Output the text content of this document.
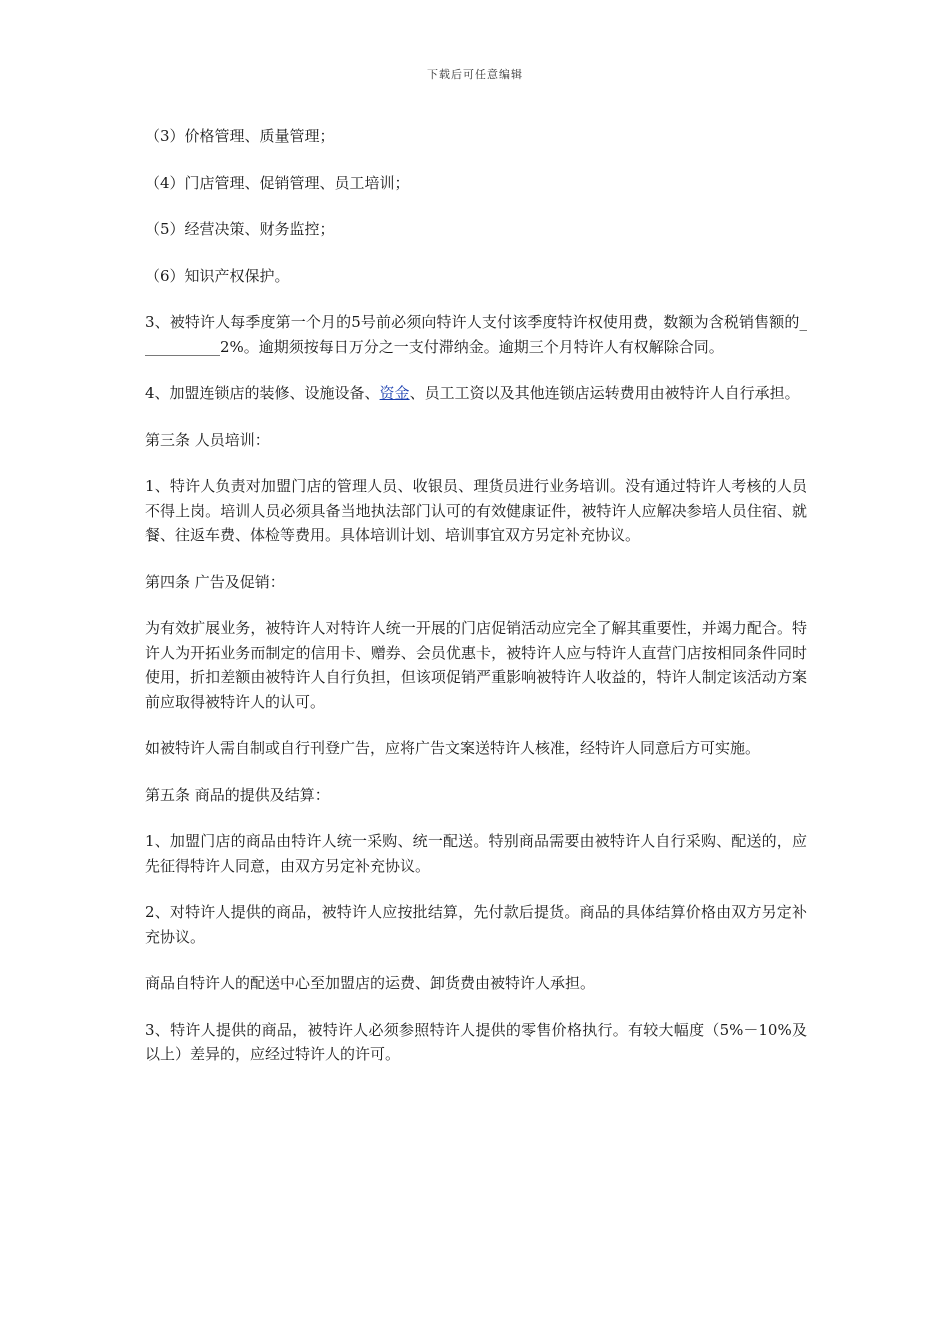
下载后可任意编辑

（3）价格管理、质量管理；

（4）门店管理、促销管理、员工培训；

（5）经营决策、财务监控；

（6）知识产权保护。

3、被特许人每季度第一个月的5号前必须向特许人支付该季度特许权使用费，数额为含税销售额的___________2%。逾期须按每日万分之一支付滞纳金。逾期三个月特许人有权解除合同。

4、加盟连锁店的装修、设施设备、资金、员工工资以及其他连锁店运转费用由被特许人自行承担。

第三条 人员培训：

1、特许人负责对加盟门店的管理人员、收银员、理货员进行业务培训。没有通过特许人考核的人员不得上岗。培训人员必须具备当地执法部门认可的有效健康证件，被特许人应解决参培人员住宿、就餐、往返车费、体检等费用。具体培训计划、培训事宜双方另定补充协议。

第四条 广告及促销：

为有效扩展业务，被特许人对特许人统一开展的门店促销活动应完全了解其重要性，并竭力配合。特许人为开拓业务而制定的信用卡、赠券、会员优惠卡，被特许人应与特许人直营门店按相同条件同时使用，折扣差额由被特许人自行负担，但该项促销严重影响被特许人收益的，特许人制定该活动方案前应取得被特许人的认可。

如被特许人需自制或自行刊登广告，应将广告文案送特许人核准，经特许人同意后方可实施。

第五条 商品的提供及结算：

1、加盟门店的商品由特许人统一采购、统一配送。特别商品需要由被特许人自行采购、配送的，应先征得特许人同意，由双方另定补充协议。

2、对特许人提供的商品，被特许人应按批结算，先付款后提货。商品的具体结算价格由双方另定补充协议。

商品自特许人的配送中心至加盟店的运费、卸货费由被特许人承担。

3、特许人提供的商品，被特许人必须参照特许人提供的零售价格执行。有较大幅度（5%－10%及以上）差异的，应经过特许人的许可。
